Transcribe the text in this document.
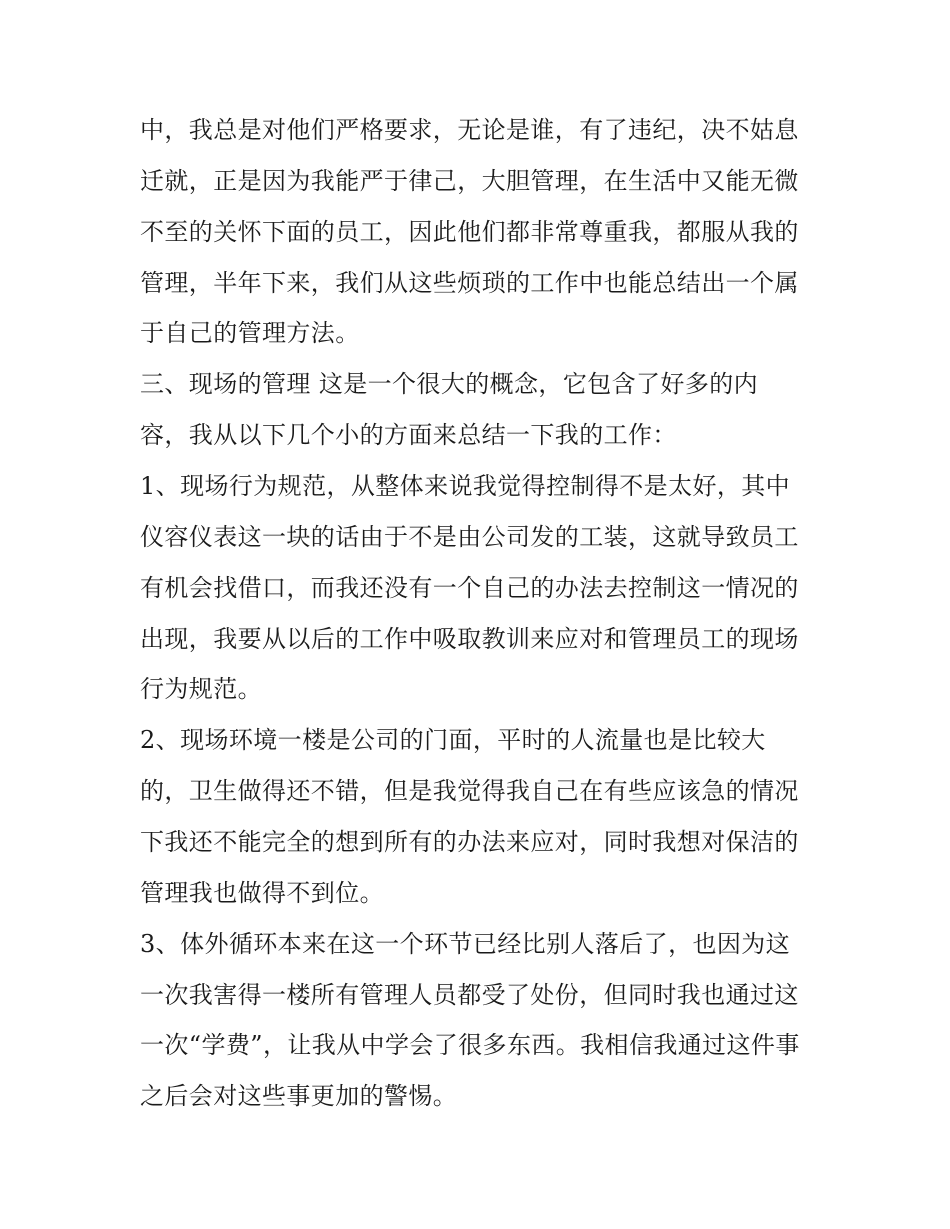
中，我总是对他们严格要求，无论是谁，有了违纪，决不姑息

迁就，正是因为我能严于律己，大胆管理，在生活中又能无微

不至的关怀下面的员工，因此他们都非常尊重我，都服从我的

管理，半年下来，我们从这些烦琐的工作中也能总结出一个属

于自己的管理方法。

三、现场的管理 这是一个很大的概念，它包含了好多的内

容，我从以下几个小的方面来总结一下我的工作：

1、现场行为规范，从整体来说我觉得控制得不是太好，其中

仪容仪表这一块的话由于不是由公司发的工装，这就导致员工

有机会找借口，而我还没有一个自己的办法去控制这一情况的

出现，我要从以后的工作中吸取教训来应对和管理员工的现场

行为规范。

2、现场环境一楼是公司的门面，平时的人流量也是比较大

的，卫生做得还不错，但是我觉得我自己在有些应该急的情况

下我还不能完全的想到所有的办法来应对，同时我想对保洁的

管理我也做得不到位。

3、体外循环本来在这一个环节已经比别人落后了，也因为这

一次我害得一楼所有管理人员都受了处份，但同时我也通过这

一次“学费”，让我从中学会了很多东西。我相信我通过这件事

之后会对这些事更加的警惕。
